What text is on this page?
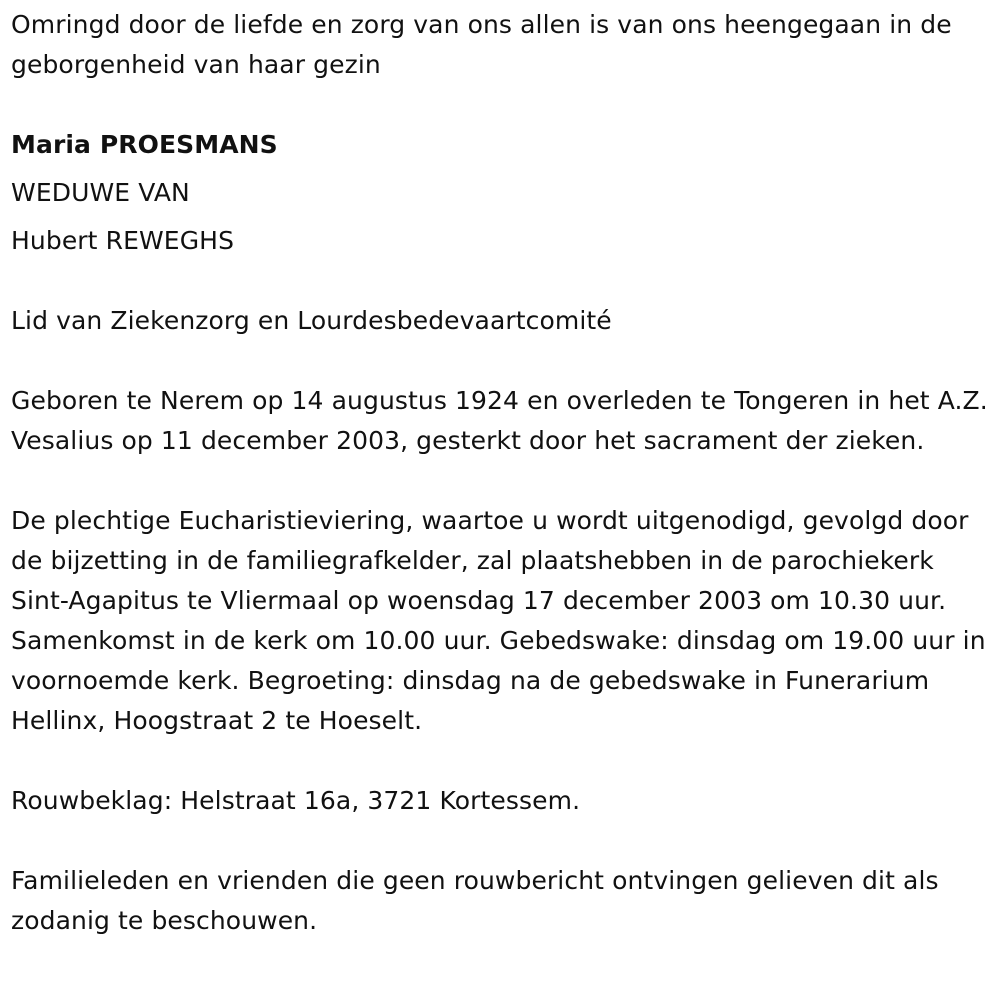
Omringd door de liefde en zorg van ons allen is van ons heengegaan in de geborgenheid van haar gezin

Maria PROESMANS

WEDUWE VAN

Hubert REWEGHS

Lid van Ziekenzorg en Lourdesbedevaartcomité

Geboren te Nerem op 14 augustus 1924 en overleden te Tongeren in het A.Z. Vesalius op 11 december 2003, gesterkt door het sacrament der zieken.

De plechtige Eucharistieviering, waartoe u wordt uitgenodigd, gevolgd door de bijzetting in de familiegrafkelder, zal plaatshebben in de parochiekerk Sint-Agapitus te Vliermaal op woensdag 17 december 2003 om 10.30 uur. Samenkomst in de kerk om 10.00 uur. Gebedswake: dinsdag om 19.00 uur in voornoemde kerk. Begroeting: dinsdag na de gebedswake in Funerarium Hellinx, Hoogstraat 2 te Hoeselt.

Rouwbeklag: Helstraat 16a, 3721 Kortessem.

Familieleden en vrienden die geen rouwbericht ontvingen gelieven dit als zodanig te beschouwen.
